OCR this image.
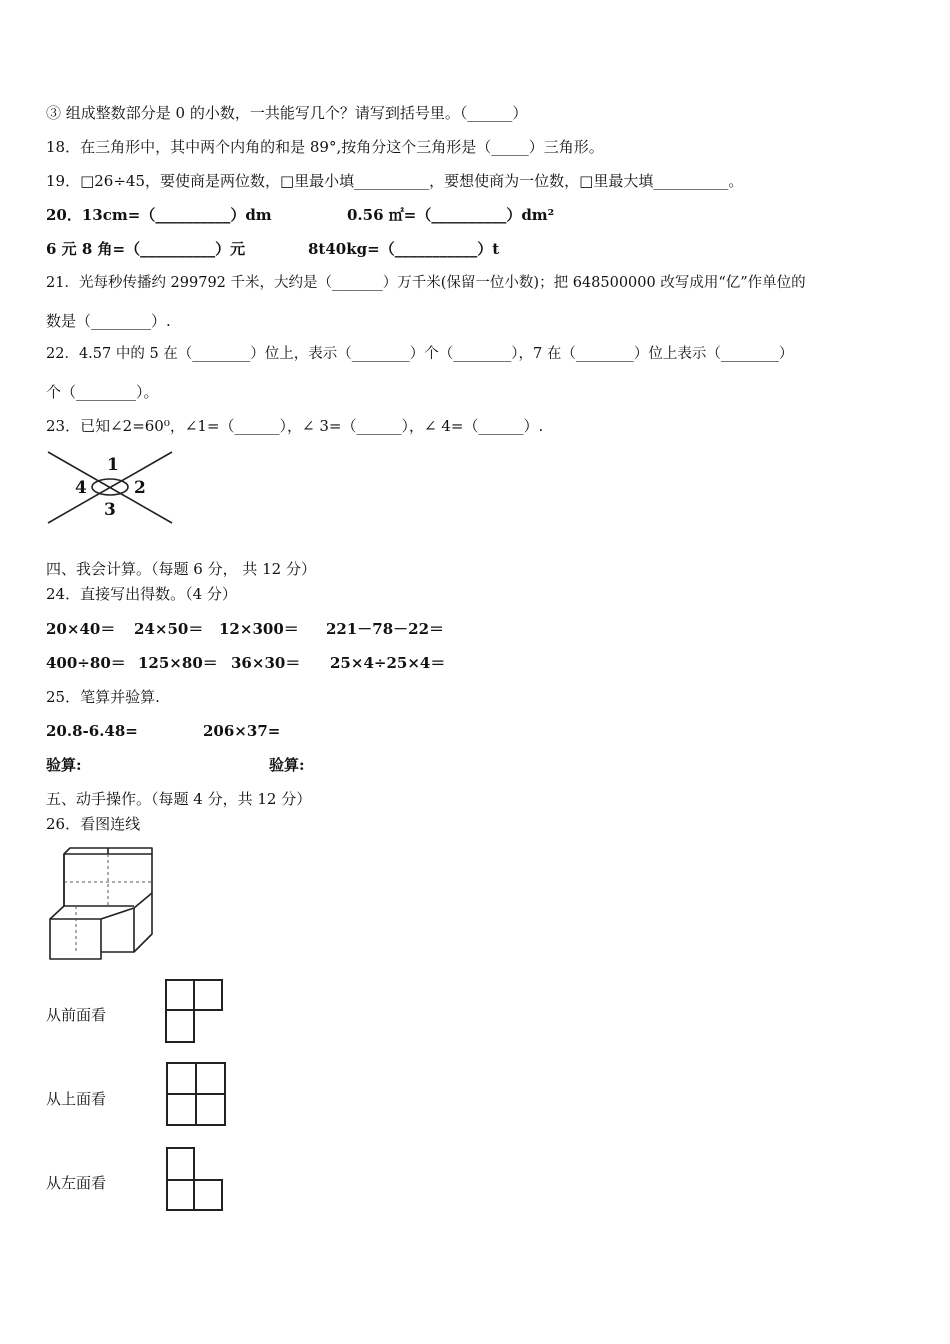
③ 组成整数部分是 0 的小数，一共能写几个？请写到括号里。（______）
18．在三角形中，其中两个内角的和是 89°,按角分这个三角形是（_____）三角形。
19．□26÷45，要使商是两位数，□里最小填__________，要想使商为一位数，□里最大填__________。
20．13cm=（__________）dm	0.56 ㎡=（__________）dm²
6 元 8 角=（__________）元	8t40kg=（___________）t
21．光每秒传播约 299792 千米，大约是（_______）万千米(保留一位小数)；把 648500000 改写成用“亿”作单位的
数是（________）.
22．4.57 中的 5 在（________）位上，表示（________）个（________），7 在（________）位上表示（________）
个（________）。
23．已知∠2=60⁰，∠1=（______），∠ 3=（______），∠ 4=（______）.
1
2
3
4
四、我会计算。（每题 6 分， 共 12 分）
24．直接写出得数。（4 分）
20×40＝ 24×50＝ 12×300＝ 221－78－22＝
400÷80＝ 125×80＝ 36×30＝ 25×4÷25×4＝
25．笔算并验算.
20.8-6.48=	206×37=
验算:	验算:
五、动手操作。（每题 4 分，共 12 分）
26．看图连线
从前面看
从上面看
从左面看
